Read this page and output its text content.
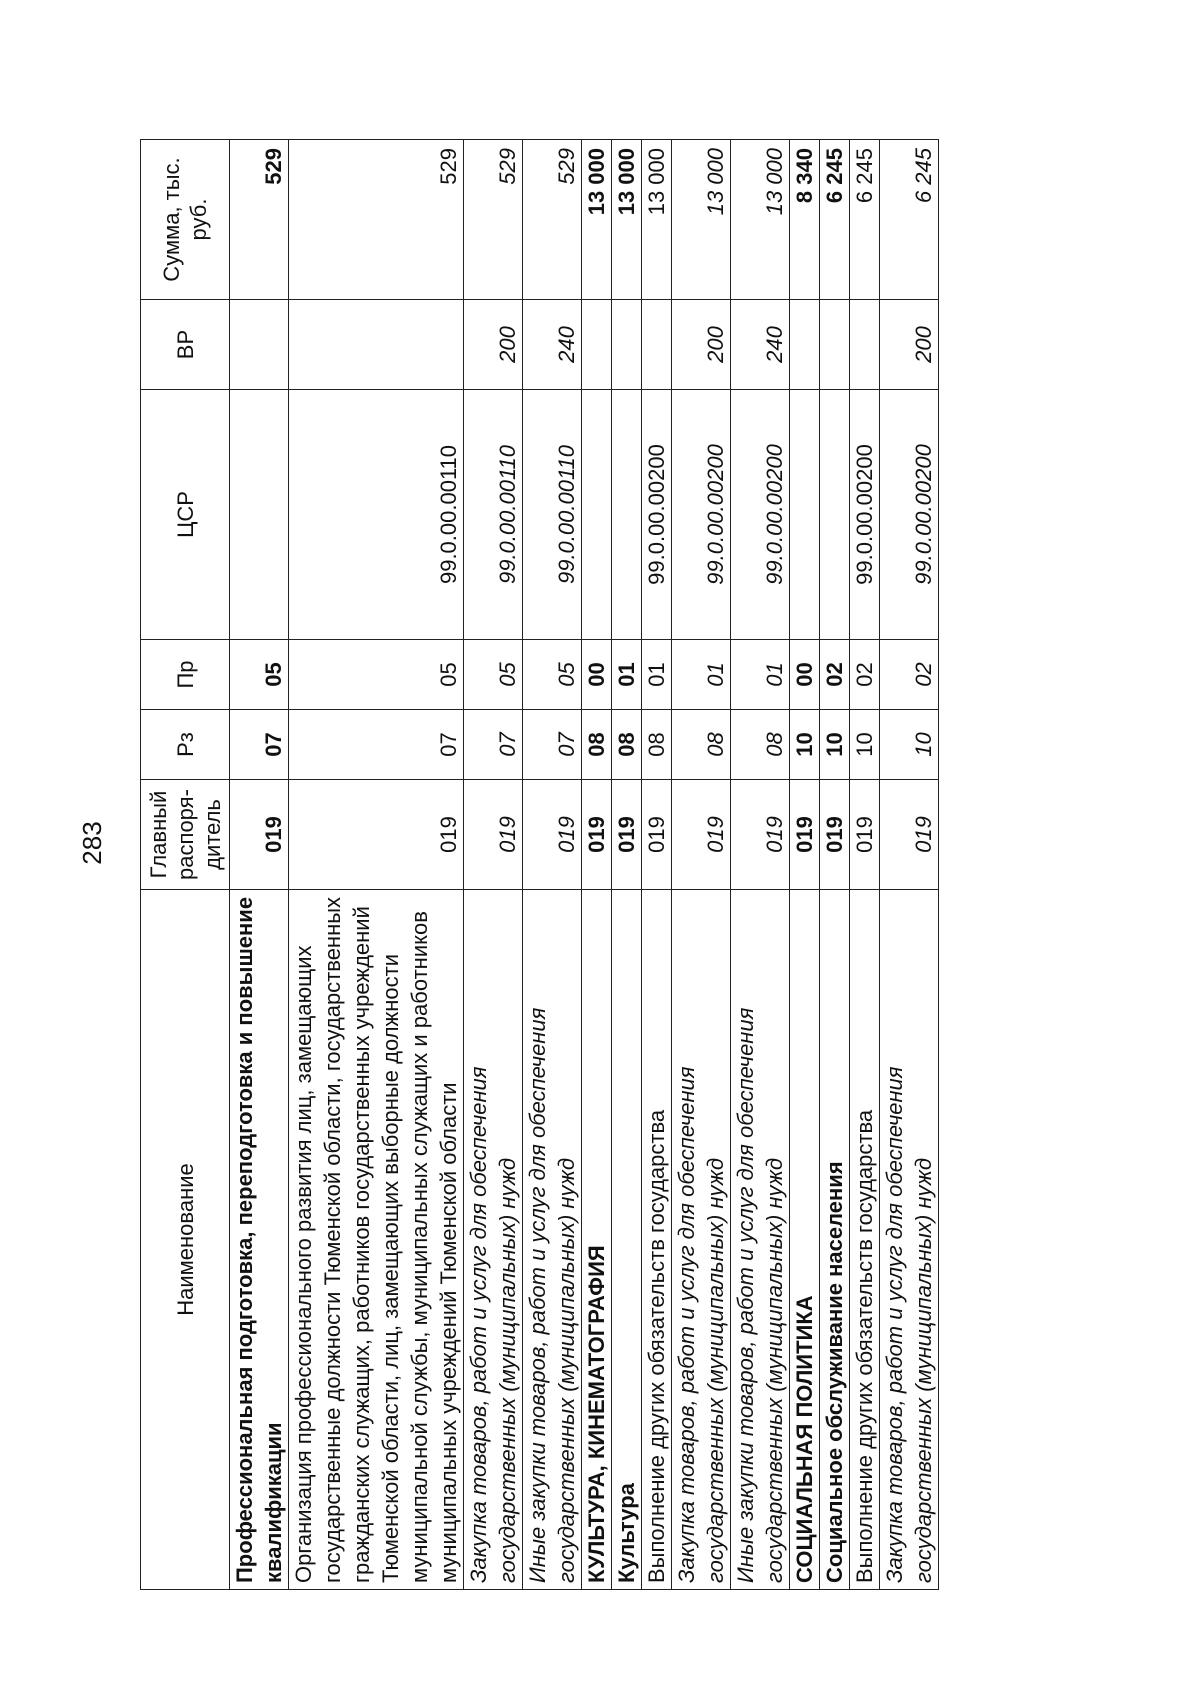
283
Наименование	Главный распоря-дитель	Рз	Пр	ЦСР	ВР	Сумма, тыс. руб.
Профессиональная подготовка, переподготовка и повышение квалификации	019	07	05			529
Организация профессионального развития лиц, замещающих государственные должности Тюменской области, государственных гражданских служащих, работников государственных учреждений Тюменской области, лиц, замещающих выборные должности муниципальной службы, муниципальных служащих и работников муниципальных учреждений Тюменской области	019	07	05	99.0.00.00110		529
Закупка товаров, работ и услуг для обеспечения государственных (муниципальных) нужд	019	07	05	99.0.00.00110	200	529
Иные закупки товаров, работ и услуг для обеспечения государственных (муниципальных) нужд	019	07	05	99.0.00.00110	240	529
КУЛЬТУРА, КИНЕМАТОГРАФИЯ	019	08	00			13 000
Культура	019	08	01			13 000
Выполнение других обязательств государства	019	08	01	99.0.00.00200		13 000
Закупка товаров, работ и услуг для обеспечения государственных (муниципальных) нужд	019	08	01	99.0.00.00200	200	13 000
Иные закупки товаров, работ и услуг для обеспечения государственных (муниципальных) нужд	019	08	01	99.0.00.00200	240	13 000
СОЦИАЛЬНАЯ ПОЛИТИКА	019	10	00			8 340
Социальное обслуживание населения	019	10	02			6 245
Выполнение других обязательств государства	019	10	02	99.0.00.00200		6 245
Закупка товаров, работ и услуг для обеспечения государственных (муниципальных) нужд	019	10	02	99.0.00.00200	200	6 245
